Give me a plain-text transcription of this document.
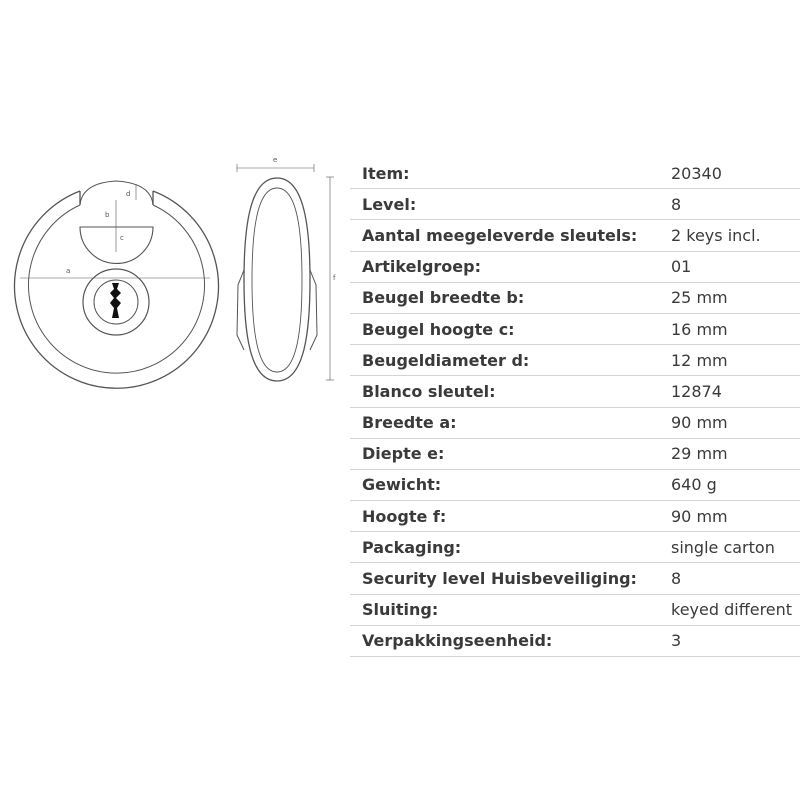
a
b
c
d
e
f
Item:	20340
Level:	8
Aantal meegeleverde sleutels:	2 keys incl.
Artikelgroep:	01
Beugel breedte b:	25 mm
Beugel hoogte c:	16 mm
Beugeldiameter d:	12 mm
Blanco sleutel:	12874
Breedte a:	90 mm
Diepte e:	29 mm
Gewicht:	640 g
Hoogte f:	90 mm
Packaging:	single carton
Security level Huisbeveiliging:	8
Sluiting:	keyed different
Verpakkingseenheid:	3
